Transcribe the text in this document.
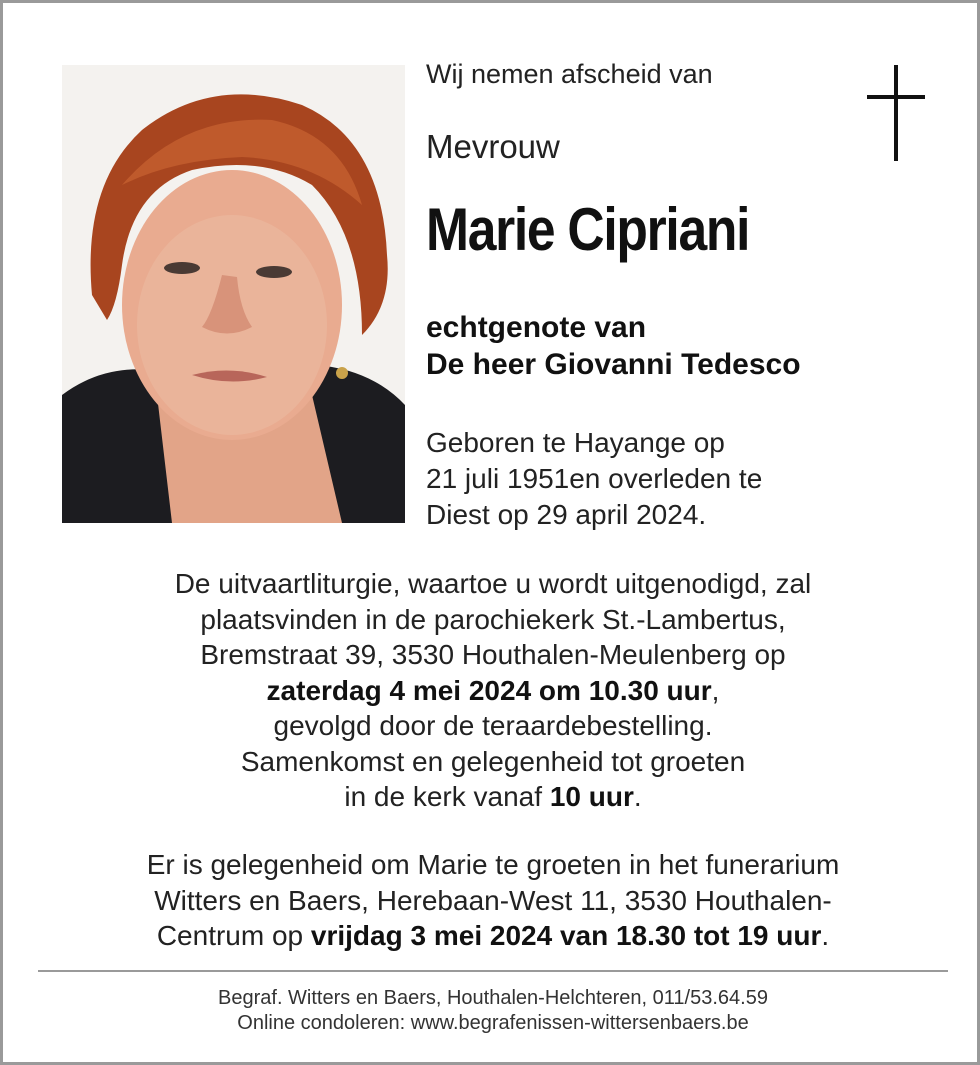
Wij nemen afscheid van
Mevrouw
Marie Cipriani
echtgenote van
De heer Giovanni Tedesco
Geboren te Hayange op
21 juli 1951en overleden te
Diest op 29 april 2024.
De uitvaartliturgie, waartoe u wordt uitgenodigd, zal
plaatsvinden in de parochiekerk St.-Lambertus,
Bremstraat 39, 3530 Houthalen-Meulenberg op
zaterdag 4 mei 2024 om 10.30 uur,
gevolgd door de teraardebestelling.
Samenkomst en gelegenheid tot groeten
in de kerk vanaf 10 uur.
Er is gelegenheid om Marie te groeten in het funerarium
Witters en Baers, Herebaan-West 11, 3530 Houthalen-
Centrum op vrijdag 3 mei 2024 van 18.30 tot 19 uur.
Begraf. Witters en Baers, Houthalen-Helchteren, 011/53.64.59
Online condoleren: www.begrafenissen-wittersenbaers.be
